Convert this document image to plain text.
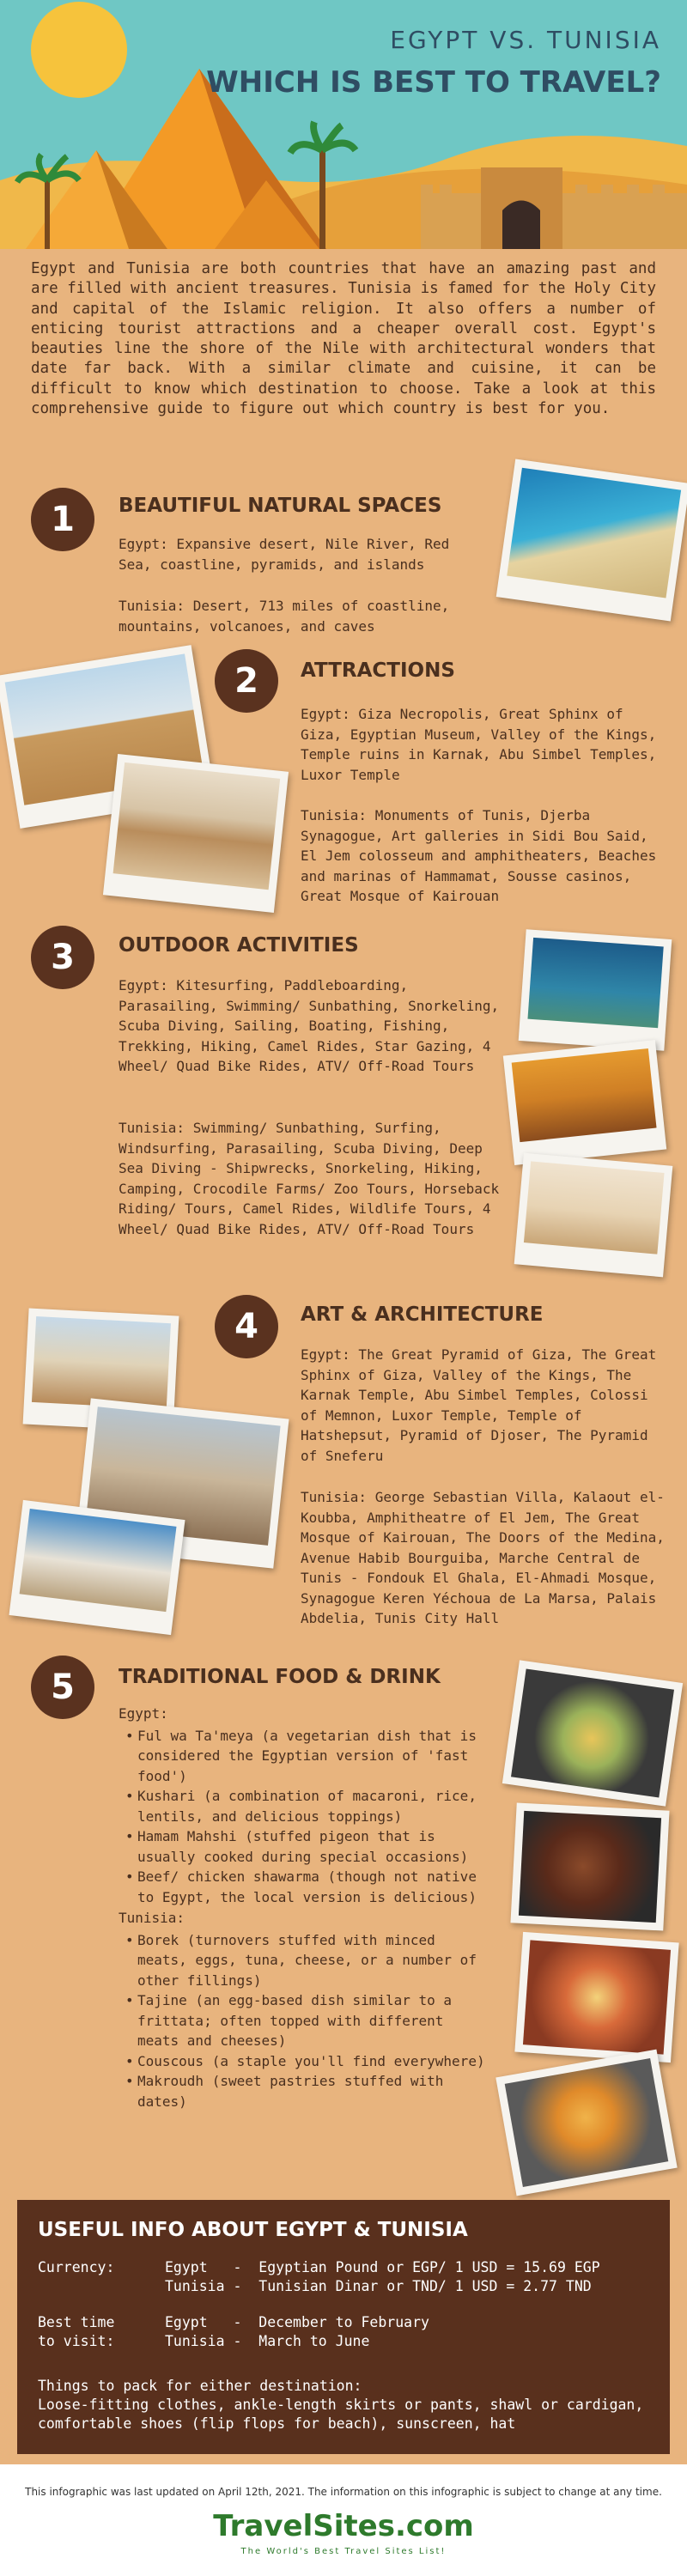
EGYPT VS. TUNISIA
WHICH IS BEST TO TRAVEL?
Egypt and Tunisia are both countries that have an amazing past and are filled with ancient treasures. Tunisia is famed for the Holy City and capital of the Islamic religion. It also offers a number of enticing tourist attractions and a cheaper overall cost. Egypt's beauties line the shore of the Nile with architectural wonders that date far back. With a similar climate and cuisine, it can be difficult to know which destination to choose. Take a look at this comprehensive guide to figure out which country is best for you.
1	BEAUTIFUL NATURAL SPACES
Egypt: Expansive desert, Nile River, Red Sea, coastline, pyramids, and islands
Tunisia: Desert, 713 miles of coastline, mountains, volcanoes, and caves
2	ATTRACTIONS
Egypt: Giza Necropolis, Great Sphinx of Giza, Egyptian Museum, Valley of the Kings, Temple ruins in Karnak, Abu Simbel Temples, Luxor Temple
Tunisia: Monuments of Tunis, Djerba Synagogue, Art galleries in Sidi Bou Said, El Jem colosseum and amphitheaters, Beaches and marinas of Hammamat, Sousse casinos, Great Mosque of Kairouan
3	OUTDOOR ACTIVITIES
Egypt: Kitesurfing, Paddleboarding, Parasailing, Swimming/ Sunbathing, Snorkeling, Scuba Diving, Sailing, Boating, Fishing, Trekking, Hiking, Camel Rides, Star Gazing, 4 Wheel/ Quad Bike Rides, ATV/ Off-Road Tours
Tunisia: Swimming/ Sunbathing, Surfing, Windsurfing, Parasailing, Scuba Diving, Deep Sea Diving - Shipwrecks, Snorkeling, Hiking, Camping, Crocodile Farms/ Zoo Tours, Horseback Riding/ Tours, Camel Rides, Wildlife Tours, 4 Wheel/ Quad Bike Rides, ATV/ Off-Road Tours
4	ART & ARCHITECTURE
Egypt: The Great Pyramid of Giza, The Great Sphinx of Giza, Valley of the Kings, The Karnak Temple, Abu Simbel Temples, Colossi of Memnon, Luxor Temple, Temple of Hatshepsut, Pyramid of Djoser, The Pyramid of Sneferu
Tunisia: George Sebastian Villa, Kalaout el-Koubba, Amphitheatre of El Jem, The Great Mosque of Kairouan, The Doors of the Medina, Avenue Habib Bourguiba, Marche Central de Tunis - Fondouk El Ghala, El-Ahmadi Mosque, Synagogue Keren Yéchoua de La Marsa, Palais Abdelia, Tunis City Hall
5	TRADITIONAL FOOD & DRINK
Egypt:
• Ful wa Ta'meya (a vegetarian dish that is considered the Egyptian version of 'fast food')
• Kushari (a combination of macaroni, rice, lentils, and delicious toppings)
• Hamam Mahshi (stuffed pigeon that is usually cooked during special occasions)
• Beef/ chicken shawarma (though not native to Egypt, the local version is delicious)
Tunisia:
• Borek (turnovers stuffed with minced meats, eggs, tuna, cheese, or a number of other fillings)
• Tajine (an egg-based dish similar to a frittata; often topped with different meats and cheeses)
• Couscous (a staple you'll find everywhere)
• Makroudh (sweet pastries stuffed with dates)
USEFUL INFO ABOUT EGYPT & TUNISIA
Currency:	Egypt   -  Egyptian Pound or EGP/ 1 USD = 15.69 EGP
Tunisia -  Tunisian Dinar or TND/ 1 USD = 2.77 TND
Best time
to visit:
Egypt   -  December to February
Tunisia -  March to June
Things to pack for either destination:
Loose-fitting clothes, ankle-length skirts or pants, shawl or cardigan, comfortable shoes (flip flops for beach), sunscreen, hat
This infographic was last updated on April 12th, 2021. The information on this infographic is subject to change at any time.
TravelSites.com
The World's Best Travel Sites List!
